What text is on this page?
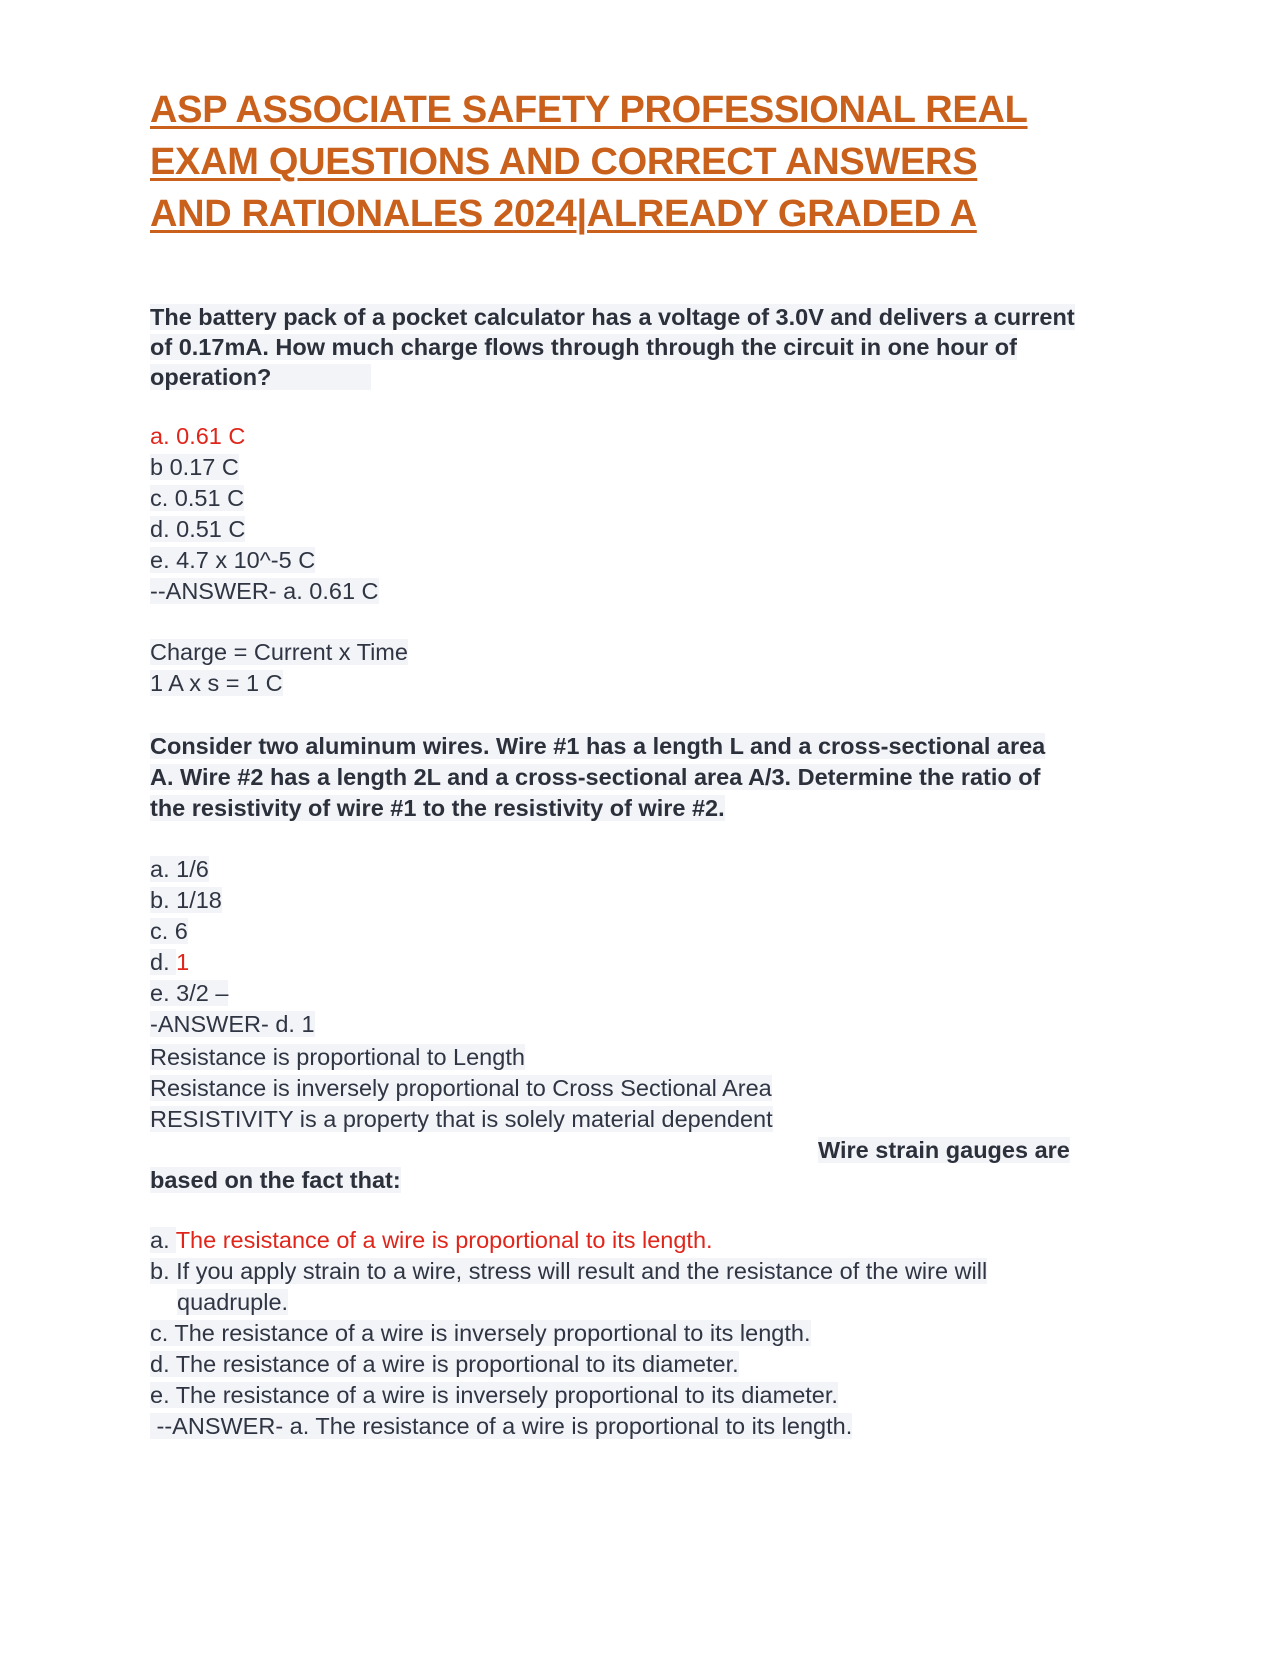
ASP ASSOCIATE SAFETY PROFESSIONAL REAL
EXAM QUESTIONS AND CORRECT ANSWERS
AND RATIONALES 2024|ALREADY GRADED A
The battery pack of a pocket calculator has a voltage of 3.0V and delivers a current
of 0.17mA. How much charge flows through through the circuit in one hour of
operation?
a. 0.61 C
b 0.17 C
c. 0.51 C
d. 0.51 C
e. 4.7 x 10^-5 C
--ANSWER- a. 0.61 C
Charge = Current x Time
1 A x s = 1 C
Consider two aluminum wires. Wire #1 has a length L and a cross-sectional area
A. Wire #2 has a length 2L and a cross-sectional area A/3. Determine the ratio of
the resistivity of wire #1 to the resistivity of wire #2.
a. 1/6
b. 1/18
c. 6
d. 1
e. 3/2 –
-ANSWER- d. 1
Resistance is proportional to Length
Resistance is inversely proportional to Cross Sectional Area
RESISTIVITY is a property that is solely material dependent
Wire strain gauges are
based on the fact that:
a. The resistance of a wire is proportional to its length.
b. If you apply strain to a wire, stress will result and the resistance of the wire will
quadruple.
c. The resistance of a wire is inversely proportional to its length.
d. The resistance of a wire is proportional to its diameter.
e. The resistance of a wire is inversely proportional to its diameter.
--ANSWER- a. The resistance of a wire is proportional to its length.
